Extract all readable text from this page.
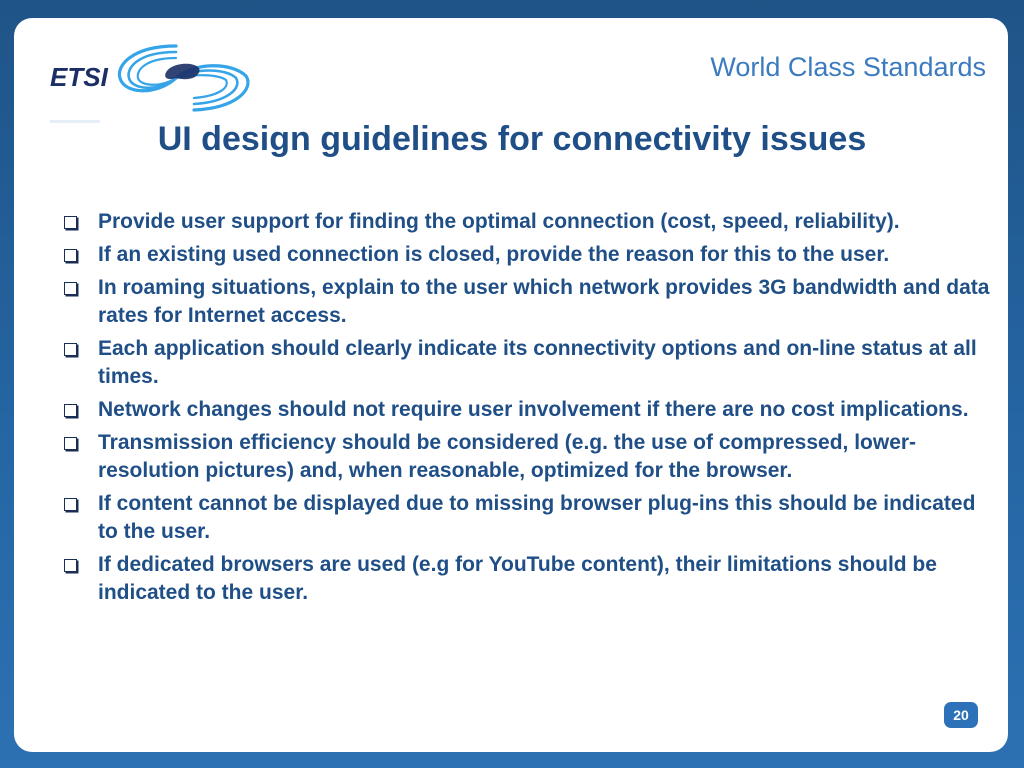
ETSI	World Class Standards
Provide user support for finding the optimal connection (cost, speed, reliability).
If an existing used connection is closed, provide the reason for this to the user.
In roaming situations, explain to the user which network provides 3G bandwidth and data rates for Internet access.
Each application should clearly indicate its connectivity options and on-line status at all times.
Network changes should not require user involvement if there are no cost implications.
Transmission efficiency should be considered (e.g. the use of compressed, lower-resolution pictures) and, when reasonable, optimized for the browser.
If content cannot be displayed due to missing browser plug-ins this should be indicated to the user.
If dedicated browsers are used (e.g for YouTube content), their limitations should be indicated to the user.
20
UI design guidelines for connectivity issues
